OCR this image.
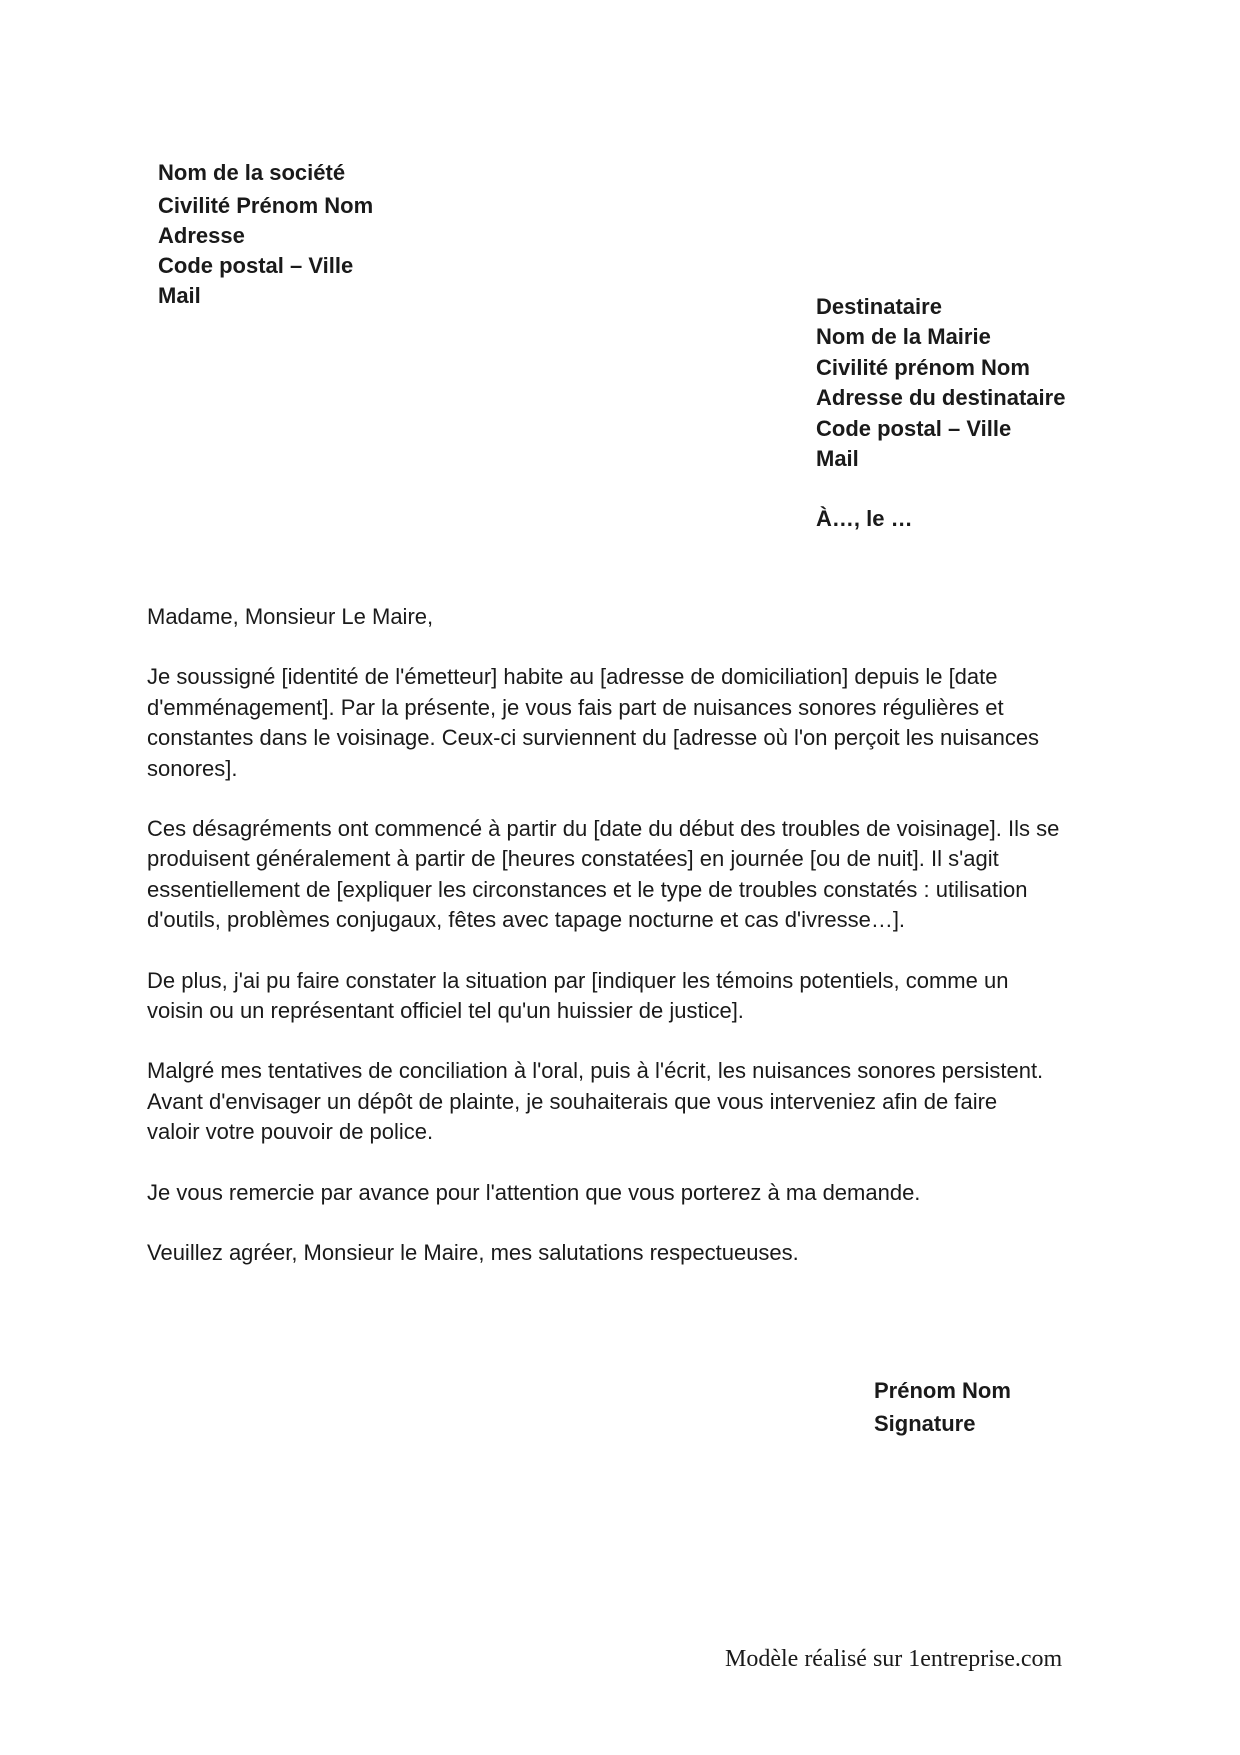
Nom de la société
Civilité Prénom Nom
Adresse
Code postal – Ville
Mail	Destinataire
Nom de la Mairie
Civilité prénom Nom
Adresse du destinataire
Code postal – Ville
Mail
À…, le …

Madame, Monsieur Le Maire,

Je soussigné [identité de l'émetteur] habite au [adresse de domiciliation] depuis le [date
d'emménagement]. Par la présente, je vous fais part de nuisances sonores régulières et
constantes dans le voisinage. Ceux-ci surviennent du [adresse où l'on perçoit les nuisances
sonores].

Ces désagréments ont commencé à partir du [date du début des troubles de voisinage]. Ils se
produisent généralement à partir de [heures constatées] en journée [ou de nuit]. Il s'agit
essentiellement de [expliquer les circonstances et le type de troubles constatés : utilisation
d'outils, problèmes conjugaux, fêtes avec tapage nocturne et cas d'ivresse…].

De plus, j'ai pu faire constater la situation par [indiquer les témoins potentiels, comme un
voisin ou un représentant officiel tel qu'un huissier de justice].

Malgré mes tentatives de conciliation à l'oral, puis à l'écrit, les nuisances sonores persistent.
Avant d'envisager un dépôt de plainte, je souhaiterais que vous interveniez afin de faire
valoir votre pouvoir de police.

Je vous remercie par avance pour l'attention que vous porterez à ma demande.

Veuillez agréer, Monsieur le Maire, mes salutations respectueuses.

Prénom Nom
Signature
Modèle réalisé sur 1entreprise.com
